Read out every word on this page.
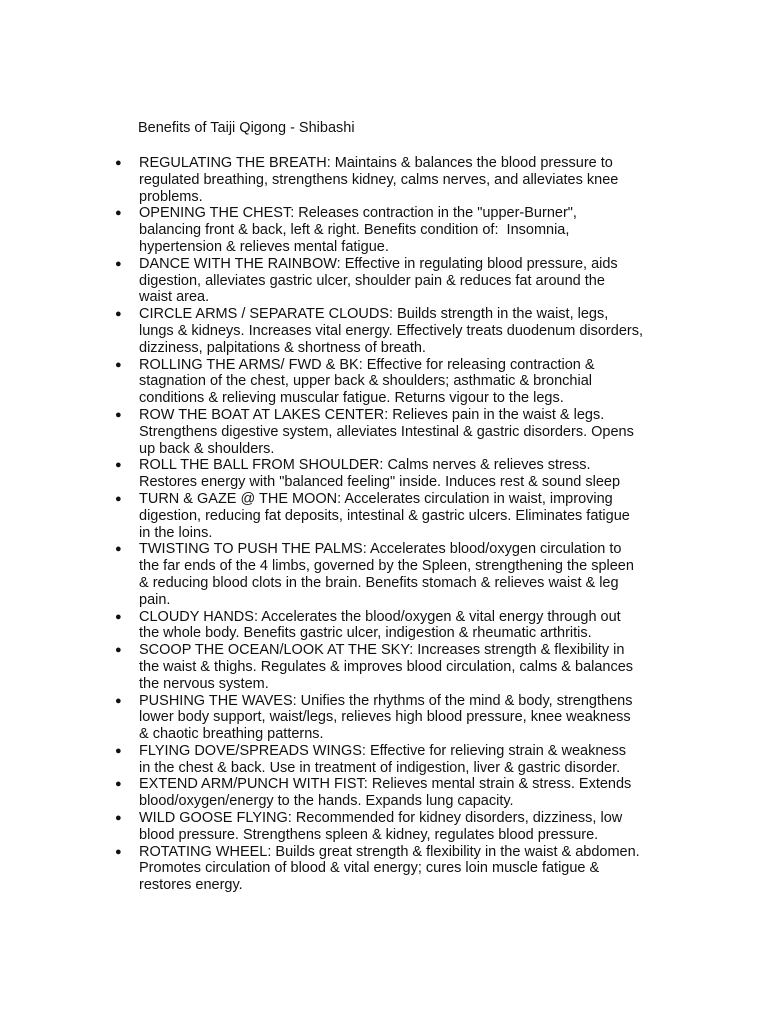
Benefits of Taiji Qigong - Shibashi
● REGULATING THE BREATH: Maintains & balances the blood pressure to
regulated breathing, strengthens kidney, calms nerves, and alleviates knee
problems.
● OPENING THE CHEST: Releases contraction in the "upper-Burner",
balancing front & back, left & right. Benefits condition of:  Insomnia,
hypertension & relieves mental fatigue.
● DANCE WITH THE RAINBOW: Effective in regulating blood pressure, aids
digestion, alleviates gastric ulcer, shoulder pain & reduces fat around the
waist area.
● CIRCLE ARMS / SEPARATE CLOUDS: Builds strength in the waist, legs,
lungs & kidneys. Increases vital energy. Effectively treats duodenum disorders,
dizziness, palpitations & shortness of breath.
● ROLLING THE ARMS/ FWD & BK: Effective for releasing contraction &
stagnation of the chest, upper back & shoulders; asthmatic & bronchial
conditions & relieving muscular fatigue. Returns vigour to the legs.
● ROW THE BOAT AT LAKES CENTER: Relieves pain in the waist & legs.
Strengthens digestive system, alleviates Intestinal & gastric disorders. Opens
up back & shoulders.
● ROLL THE BALL FROM SHOULDER: Calms nerves & relieves stress.
Restores energy with "balanced feeling" inside. Induces rest & sound sleep
● TURN & GAZE @ THE MOON: Accelerates circulation in waist, improving
digestion, reducing fat deposits, intestinal & gastric ulcers. Eliminates fatigue
in the loins.
● TWISTING TO PUSH THE PALMS: Accelerates blood/oxygen circulation to
the far ends of the 4 limbs, governed by the Spleen, strengthening the spleen
& reducing blood clots in the brain. Benefits stomach & relieves waist & leg
pain.
● CLOUDY HANDS: Accelerates the blood/oxygen & vital energy through out
the whole body. Benefits gastric ulcer, indigestion & rheumatic arthritis.
● SCOOP THE OCEAN/LOOK AT THE SKY: Increases strength & flexibility in
the waist & thighs. Regulates & improves blood circulation, calms & balances
the nervous system.
● PUSHING THE WAVES: Unifies the rhythms of the mind & body, strengthens
lower body support, waist/legs, relieves high blood pressure, knee weakness
& chaotic breathing patterns.
● FLYING DOVE/SPREADS WINGS: Effective for relieving strain & weakness
in the chest & back. Use in treatment of indigestion, liver & gastric disorder.
● EXTEND ARM/PUNCH WITH FIST: Relieves mental strain & stress. Extends
blood/oxygen/energy to the hands. Expands lung capacity.
● WILD GOOSE FLYING: Recommended for kidney disorders, dizziness, low
blood pressure. Strengthens spleen & kidney, regulates blood pressure.
● ROTATING WHEEL: Builds great strength & flexibility in the waist & abdomen.
Promotes circulation of blood & vital energy; cures loin muscle fatigue &
restores energy.
